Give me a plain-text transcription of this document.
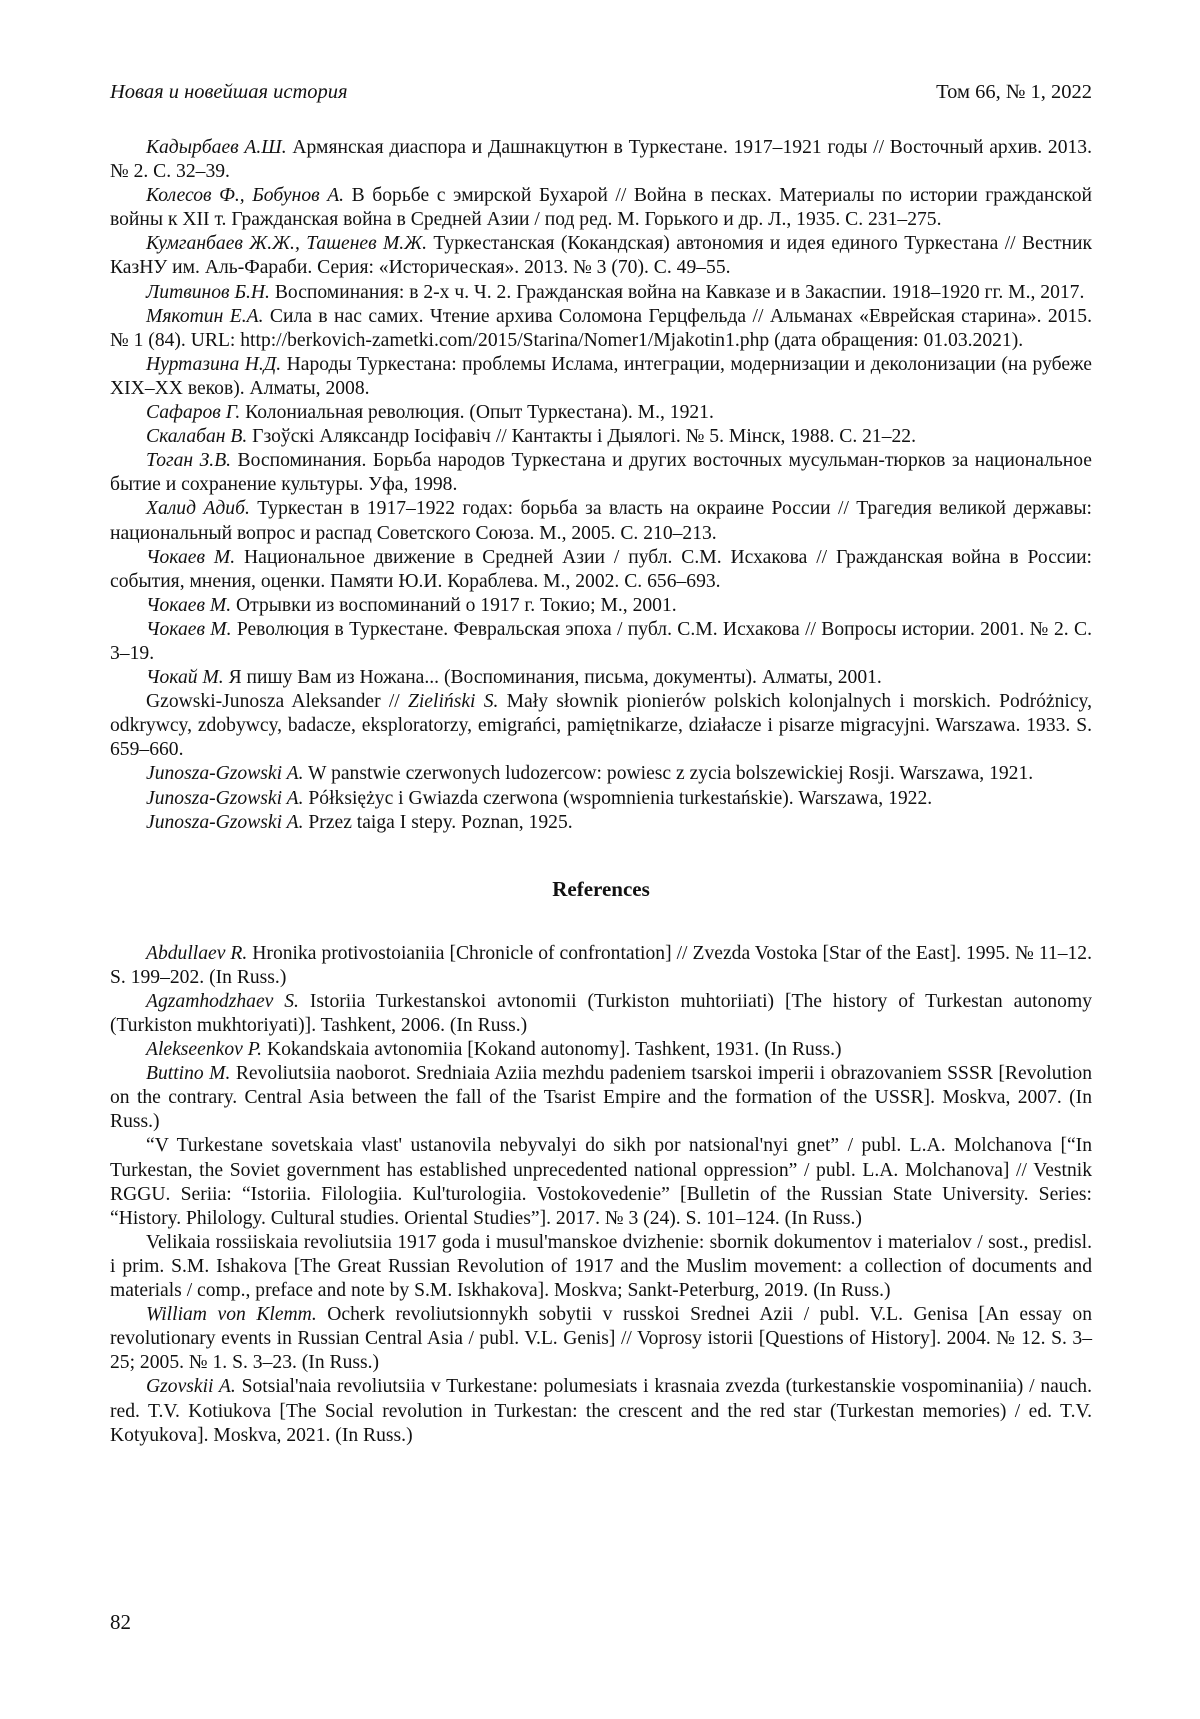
Новая и новейшая история	Том 66, № 1, 2022

Кадырбаев А.Ш. Армянская диаспора и Дашнакцутюн в Туркестане. 1917–1921 годы // Восточ­ный архив. 2013. № 2. С. 32–39.

Колесов Ф., Бобунов А. В борьбе с эмирской Бухарой // Война в песках. Материалы по истории гражданской войны к XII т. Гражданская война в Средней Азии / под ред. М. Горького и др. Л., 1935. С. 231–275.

Кумганбаев Ж.Ж., Ташенев М.Ж. Туркестанская (Кокандская) автономия и идея единого Турке­стана // Вестник КазНУ им. Аль-Фараби. Серия: «Историческая». 2013. № 3 (70). С. 49–55.

Литвинов Б.Н. Воспоминания: в 2-х ч. Ч. 2. Гражданская война на Кавказе и в Закаспии. 1918–1920 гг. М., 2017.

Мякотин Е.А. Сила в нас самих. Чтение архива Соломона Герцфельда // Альманах «Еврейская старина». 2015. № 1 (84). URL: http://berkovich-zametki.com/2015/Starina/Nomer1/Mjakotin1.php (дата обращения: 01.03.2021).

Нуртазина Н.Д. Народы Туркестана: проблемы Ислама, интеграции, модернизации и деколо­низации (на рубеже XIX–XX веков). Алматы, 2008.

Сафаров Г. Колониальная революция. (Опыт Туркестана). М., 1921.

Скалабан В. Гзоўскі Аляксандр Іосіфавіч // Кантакты і Дыялогі. № 5. Мінск, 1988. С. 21–22.

Тоган З.В. Воспоминания. Борьба народов Туркестана и других восточных мусульман-тюрков за национальное бытие и сохранение культуры. Уфа, 1998.

Халид Адиб. Туркестан в 1917–1922 годах: борьба за власть на окраине России // Трагедия вели­кой державы: национальный вопрос и распад Советского Союза. М., 2005. С. 210–213.

Чокаев М. Национальное движение в Средней Азии / публ. С.М. Исхакова // Гражданская вой­на в России: события, мнения, оценки. Памяти Ю.И. Кораблева. М., 2002. С. 656–693.

Чокаев М. Отрывки из воспоминаний о 1917 г. Токио; М., 2001.

Чокаев М. Революция в Туркестане. Февральская эпоха / публ. С.М. Исхакова // Вопросы ис­тории. 2001. № 2. С. 3–19.

Чокай М. Я пишу Вам из Ножана... (Воспоминания, письма, документы). Алматы, 2001.

Gzowski-Junosza Aleksander // Zieliński S. Mały słownik pionierów polskich kolonjalnych i morskich. Podróżnicy, odkrywcy, zdobywcy, badacze, eksploratorzy, emigrańci, pamiętnikarze, działacze i pisarze migracyjni. Warszawa. 1933. S. 659–660.

Junosza-Gzowski A. W panstwie czerwonych ludozercow: powiesc z zycia bolszewickiej Rosji. Warszawa, 1921.

Junosza-Gzowski A. Półksiężyc i Gwiazda czerwona (wspomnienia turkestańskie). Warszawa, 1922.

Junosza-Gzowski A. Przez taiga I stepy. Poznan, 1925.

References

Abdullaev R. Hronika protivostoianiia [Chronicle of confrontation] // Zvezda Vostoka [Star of the East]. 1995. № 11–12. S. 199–202. (In Russ.)

Agzamhodzhaev S. Istoriia Turkestanskoi avtonomii (Turkiston muhtoriiati) [The history of Turkestan autonomy (Turkiston mukhtoriyati)]. Tashkent, 2006. (In Russ.)

Alekseenkov P. Kokandskaia avtonomiia [Kokand autonomy]. Tashkent, 1931. (In Russ.)

Buttino M. Revoliutsiia naoborot. Sredniaia Aziia mezhdu padeniem tsarskoi imperii i obrazovaniem SSSR [Revolution on the contrary. Central Asia between the fall of the Tsarist Empire and the formation of the USSR]. Moskva, 2007. (In Russ.)

“V Turkestane sovetskaia vlast' ustanovila nebyvalyi do sikh por natsional'nyi gnet” / publ. L.A. Mol­chanova [“In Turkestan, the Soviet government has established unprecedented national oppression” / publ. L.A. Molchanova] // Vestnik RGGU. Seriia: “Istoriia. Filologiia. Kul'turologiia. Vostokovedenie” [Bulletin of the Russian State University. Series: “History. Philology. Cultural studies. Oriental Studies”]. 2017. № 3 (24). S. 101–124. (In Russ.)

Velikaia rossiiskaia revoliutsiia 1917 goda i musul'manskoe dvizhenie: sbornik dokumentov i materi­alov / sost., predisl. i prim. S.M. Ishakova [The Great Russian Revolution of 1917 and the Muslim move­ment: a collection of documents and materials / comp., preface and note by S.M. Iskhakova]. Moskva; Sankt-Peterburg, 2019. (In Russ.)

William von Klemm. Ocherk revoliutsionnykh sobytii v russkoi Srednei Azii / publ. V.L. Genisa [An es­say on revolutionary events in Russian Central Asia / publ. V.L. Genis] // Voprosy istorii [Questions of History]. 2004. № 12. S. 3–25; 2005. № 1. S. 3–23. (In Russ.)

Gzovskii A. Sotsial'naia revoliutsiia v Turkestane: polumesiats i krasnaia zvezda (turkestanskie vospo­minaniia) / nauch. red. T.V. Kotiukova [The Social revolution in Turkestan: the crescent and the red star (Turkestan memories) / ed. T.V. Kotyukova]. Moskva, 2021. (In Russ.)

82
